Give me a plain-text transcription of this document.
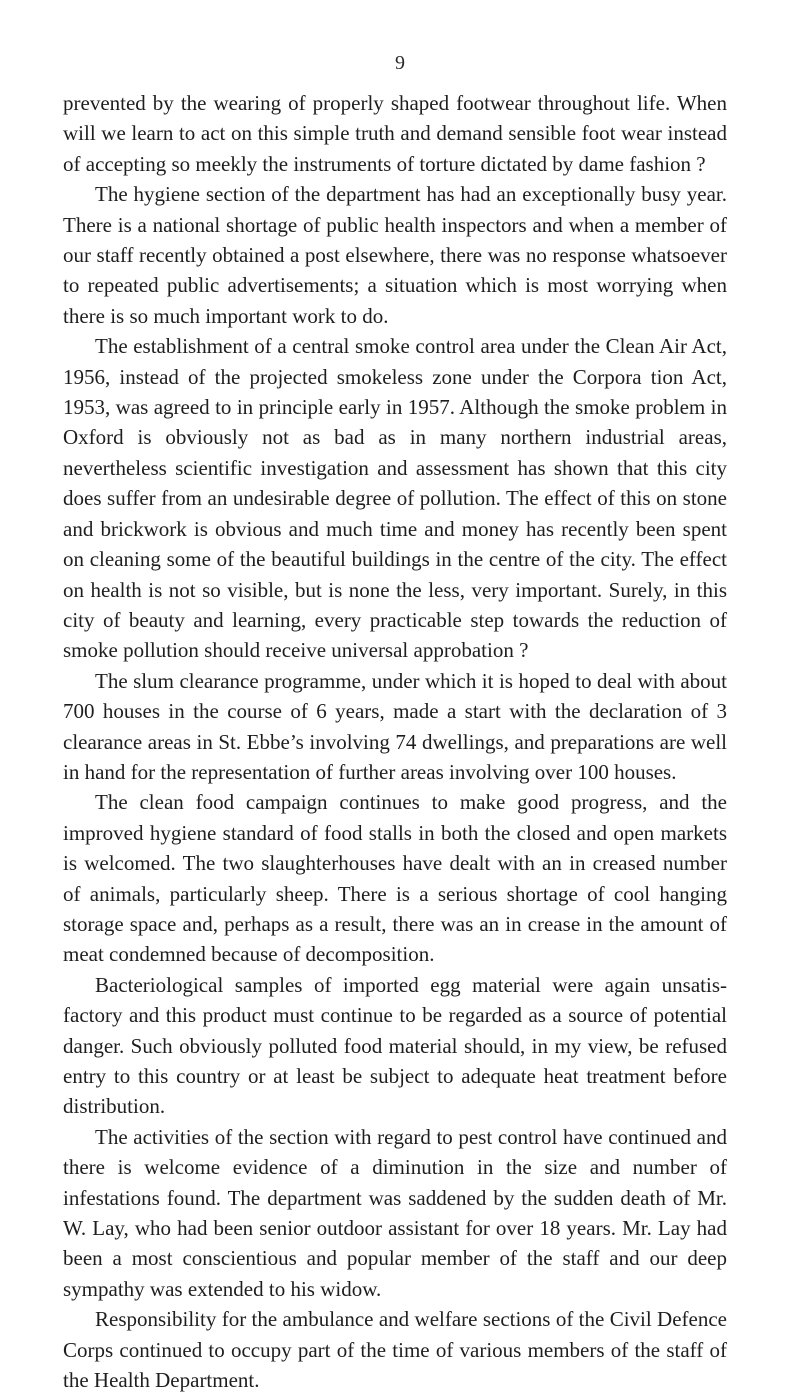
9

prevented by the wearing of properly shaped footwear throughout life. When will we learn to act on this simple truth and demand sensible foot wear instead of accepting so meekly the instruments of torture dictated by dame fashion ?

The hygiene section of the department has had an exceptionally busy year. There is a national shortage of public health inspectors and when a member of our staff recently obtained a post elsewhere, there was no response whatsoever to repeated public advertisements; a situation which is most worrying when there is so much important work to do.

The establishment of a central smoke control area under the Clean Air Act, 1956, instead of the projected smokeless zone under the Corpora tion Act, 1953, was agreed to in principle early in 1957. Although the smoke problem in Oxford is obviously not as bad as in many northern industrial areas, nevertheless scientific investigation and assessment has shown that this city does suffer from an undesirable degree of pollution. The effect of this on stone and brickwork is obvious and much time and money has recently been spent on cleaning some of the beautiful buildings in the centre of the city. The effect on health is not so visible, but is none the less, very important. Surely, in this city of beauty and learning, every practicable step towards the reduction of smoke pollution should receive universal approbation ?

The slum clearance programme, under which it is hoped to deal with about 700 houses in the course of 6 years, made a start with the declaration of 3 clearance areas in St. Ebbe’s involving 74 dwellings, and preparations are well in hand for the representation of further areas involving over 100 houses.

The clean food campaign continues to make good progress, and the improved hygiene standard of food stalls in both the closed and open markets is welcomed. The two slaughterhouses have dealt with an in creased number of animals, particularly sheep. There is a serious shortage of cool hanging storage space and, perhaps as a result, there was an in crease in the amount of meat condemned because of decomposition.

Bacteriological samples of imported egg material were again unsatis factory and this product must continue to be regarded as a source of potential danger. Such obviously polluted food material should, in my view, be refused entry to this country or at least be subject to adequate heat treatment before distribution.

The activities of the section with regard to pest control have continued and there is welcome evidence of a diminution in the size and number of infestations found. The department was saddened by the sudden death of Mr. W. Lay, who had been senior outdoor assistant for over 18 years. Mr. Lay had been a most conscientious and popular member of the staff and our deep sympathy was extended to his widow.

Responsibility for the ambulance and welfare sections of the Civil Defence Corps continued to occupy part of the time of various members of the staff of the Health Department.
